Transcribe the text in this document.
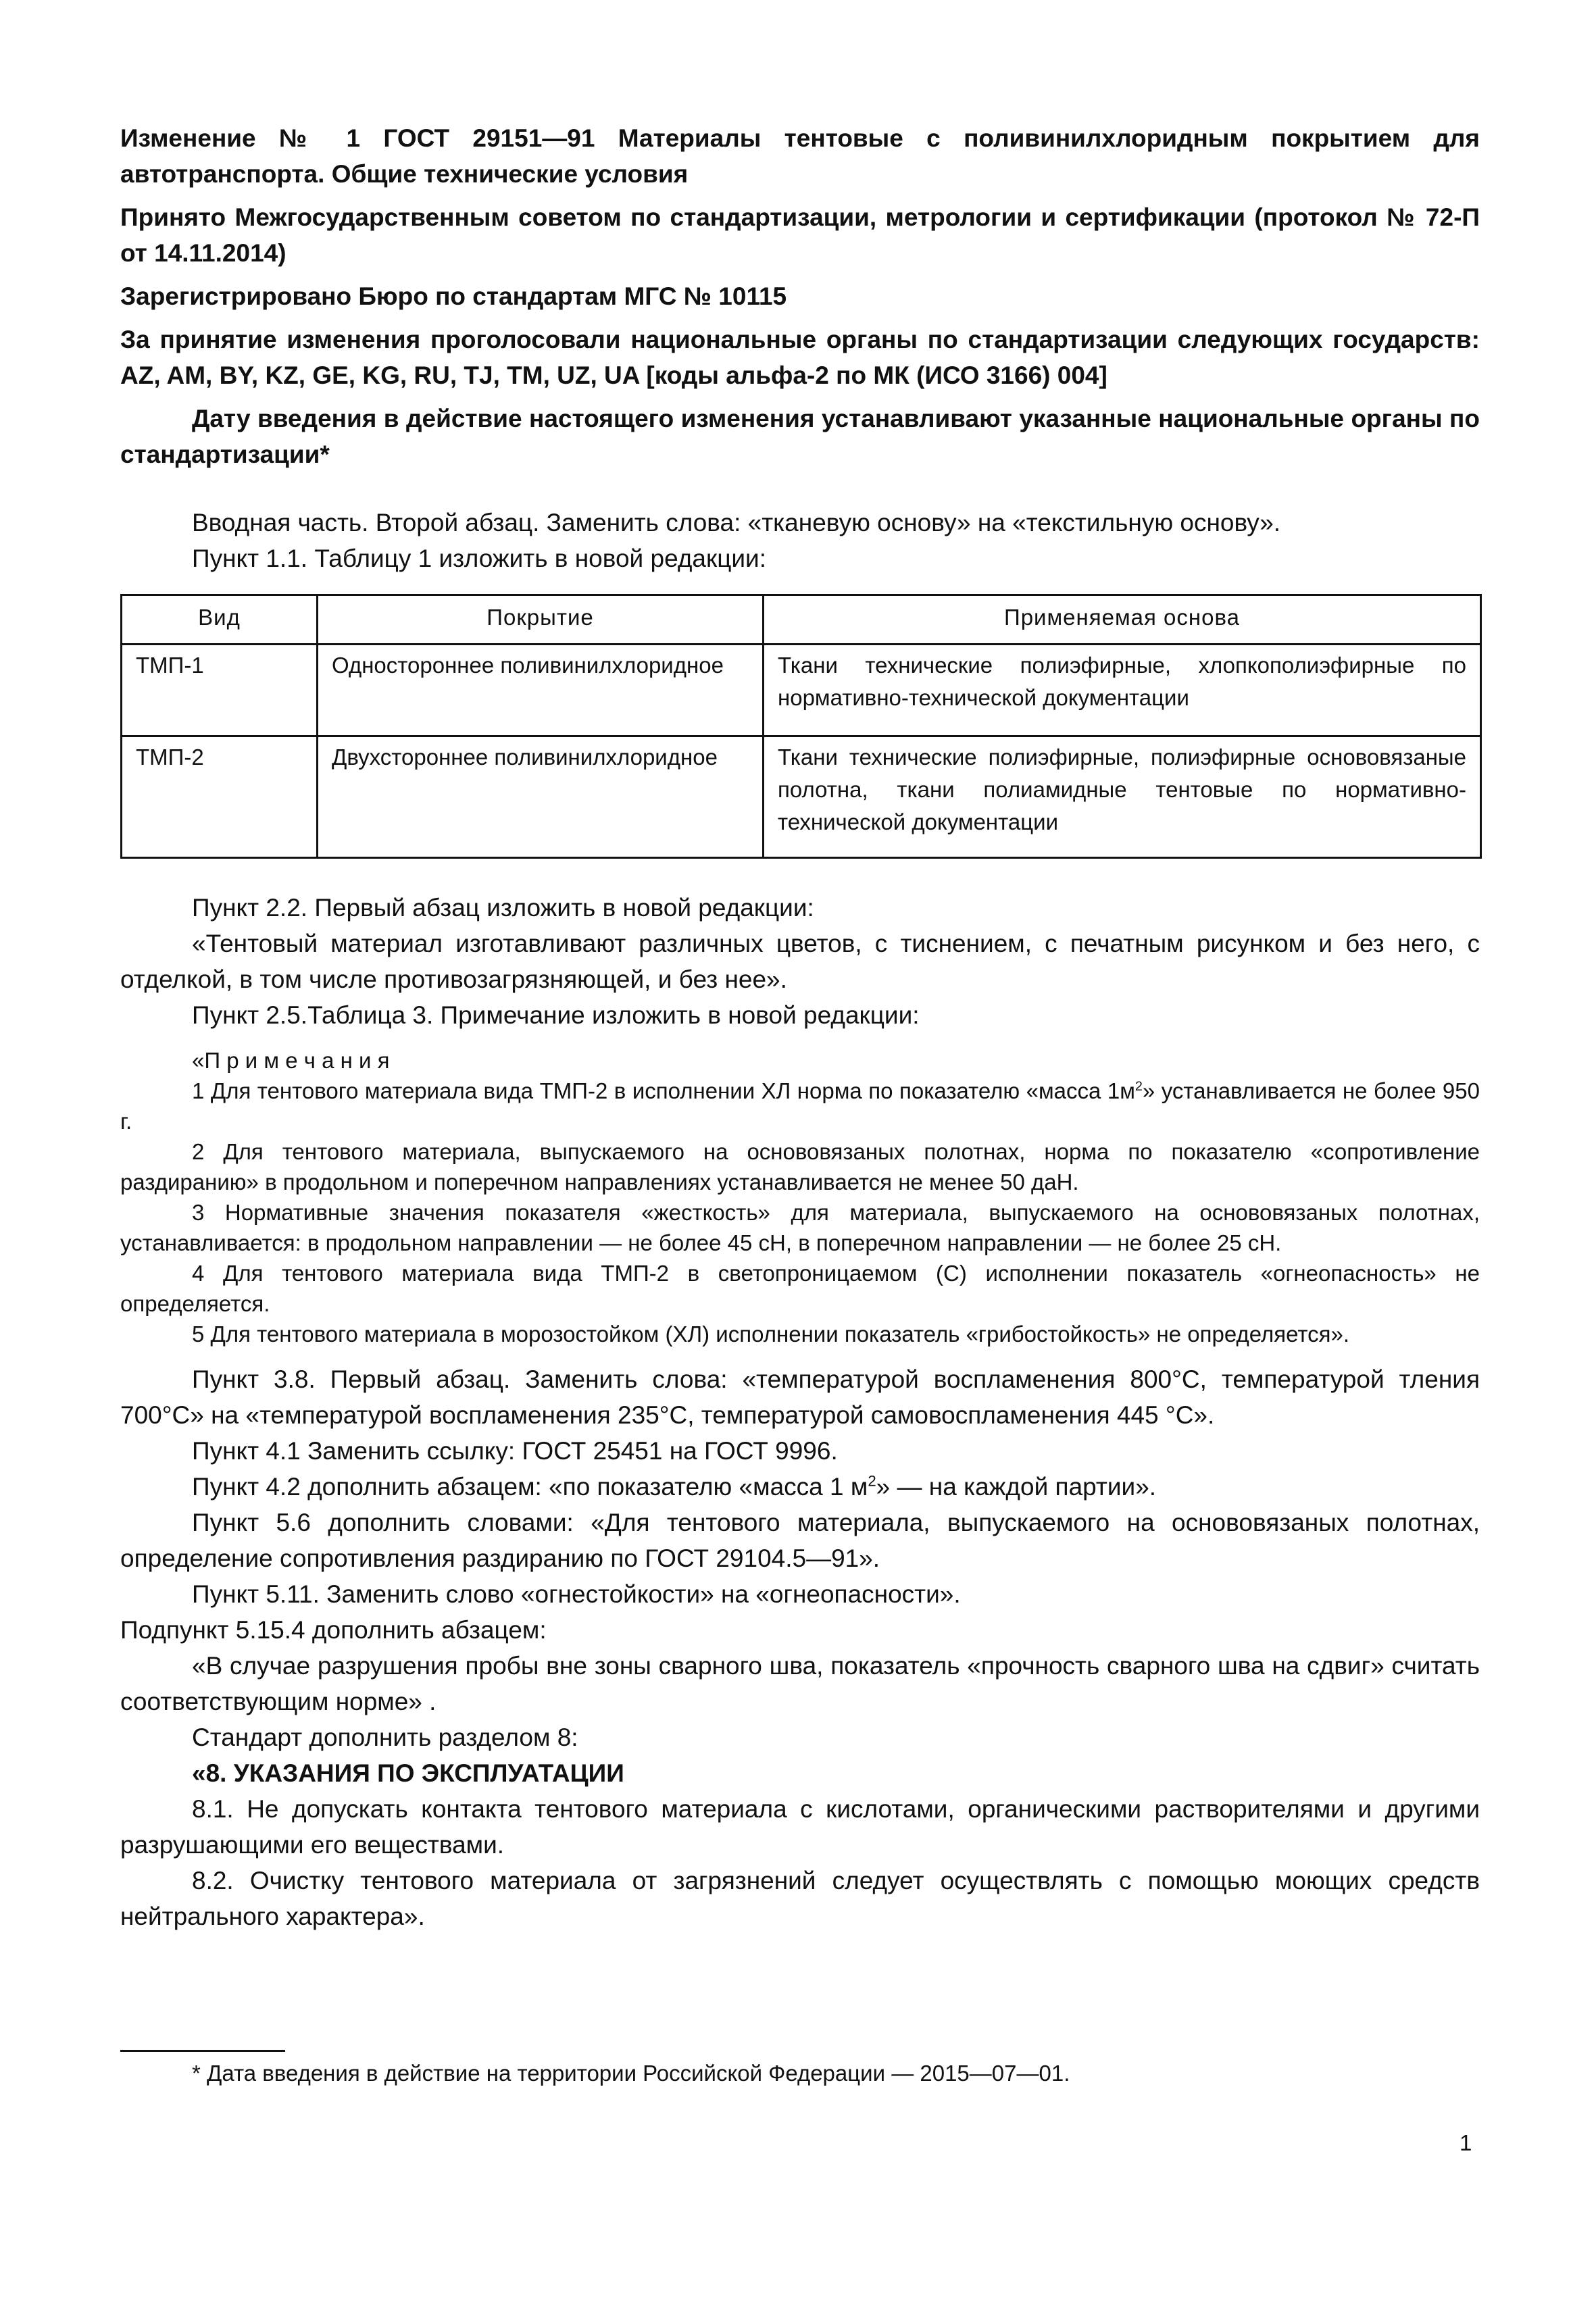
Изменение № 1 ГОСТ 29151—91 Материалы тентовые с поливинилхлоридным покрытием для автотранспорта. Общие технические условия

Принято Межгосударственным советом по стандартизации, метрологии и сертификации (протокол № 72-П от 14.11.2014)

Зарегистрировано Бюро по стандартам МГС № 10115

За принятие изменения проголосовали национальные органы по стандартизации следующих государств: AZ, AM, BY, KZ, GE, KG, RU, TJ, TM, UZ, UA [коды альфа-2 по МК (ИСО 3166) 004]

Дату введения в действие настоящего изменения устанавливают указанные национальные органы по стандартизации*

Вводная часть. Второй абзац. Заменить слова: «тканевую основу» на «текстильную основу».

Пункт 1.1. Таблицу 1 изложить в новой редакции:

Вид	Покрытие	Применяемая основа
ТМП-1	Одностороннее поливинилхлоридное	Ткани технические полиэфирные, хлопкополиэфирные по нормативно-технической документации
ТМП-2	Двухстороннее поливинилхлоридное	Ткани технические полиэфирные, полиэфирные основовязаные полотна, ткани полиамидные тентовые по нормативно-технической документации

Пункт 2.2. Первый абзац изложить в новой редакции:

«Тентовый материал изготавливают различных цветов, с тиснением, с печатным рисунком и без него, с отделкой, в том числе противозагрязняющей, и без нее».

Пункт 2.5.Таблица 3. Примечание изложить в новой редакции:

«П р и м е ч а н и я

1 Для тентового материала вида ТМП-2 в исполнении ХЛ норма по показателю «масса $1м^2$» устанавливается не более 950 г.

2 Для тентового материала, выпускаемого на основовязаных полотнах, норма по показателю «сопротивление раздиранию» в продольном и поперечном направлениях устанавливается не менее 50 даН.

3 Нормативные значения показателя «жесткость» для материала, выпускаемого на основовязаных полотнах, устанавливается: в продольном направлении — не более 45 сН, в поперечном направлении — не более 25 сН.

4 Для тентового материала вида ТМП-2 в светопроницаемом (С) исполнении показатель «огнеопасность» не определяется.

5 Для тентового материала в морозостойком (ХЛ) исполнении показатель «грибостойкость» не определяется».

Пункт 3.8. Первый абзац. Заменить слова: «температурой воспламенения 800°С, температурой тления 700°С» на «температурой воспламенения 235°С, температурой самовоспламенения 445 °С».

Пункт 4.1 Заменить ссылку: ГОСТ 25451 на ГОСТ 9996.

Пункт 4.2 дополнить абзацем: «по показателю «масса 1 $м^2$» — на каждой партии».

Пункт 5.6 дополнить словами: «Для тентового материала, выпускаемого на основовязаных полотнах, определение сопротивления раздиранию по ГОСТ 29104.5—91».

Пункт 5.11. Заменить слово «огнестойкости» на «огнеопасности».

Подпункт 5.15.4 дополнить абзацем:

«В случае разрушения пробы вне зоны сварного шва, показатель «прочность сварного шва на сдвиг» считать соответствующим норме» .

Стандарт дополнить разделом 8:

«8. УКАЗАНИЯ ПО ЭКСПЛУАТАЦИИ

8.1. Не допускать контакта тентового материала с кислотами, органическими растворителями и другими разрушающими его веществами.

8.2. Очистку тентового материала от загрязнений следует осуществлять с помощью моющих средств нейтрального характера».

* Дата введения в действие на территории Российской Федерации — 2015—07—01.
1
